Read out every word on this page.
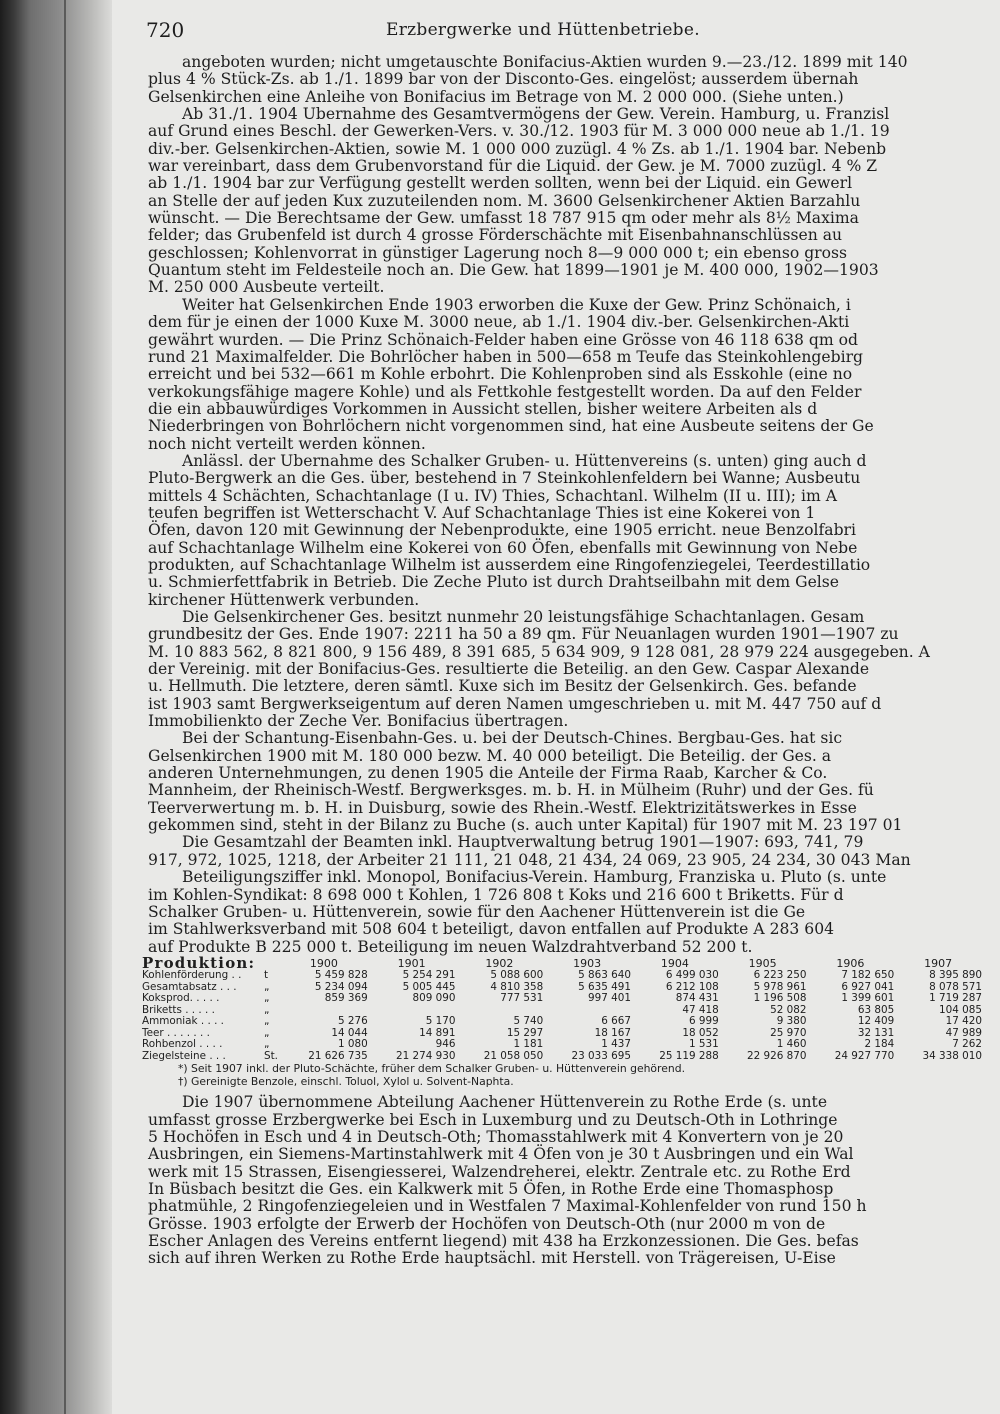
720	Erzbergwerke und Hüttenbetriebe.

angeboten wurden; nicht umgetauschte Bonifacius-Aktien wurden 9.—23./12. 1899 mit 140
plus 4 % Stück-Zs. ab 1./1. 1899 bar von der Disconto-Ges. eingelöst; ausserdem übernah
Gelsenkirchen eine Anleihe von Bonifacius im Betrage von M. 2 000 000. (Siehe unten.)

Ab 31./1. 1904 Übernahme des Gesamtvermögens der Gew. Verein. Hamburg, u. Franzisl
auf Grund eines Beschl. der Gewerken-Vers. v. 30./12. 1903 für M. 3 000 000 neue ab 1./1. 19
div.-ber. Gelsenkirchen-Aktien, sowie M. 1 000 000 zuzügl. 4 % Zs. ab 1./1. 1904 bar. Nebenb
war vereinbart, dass dem Grubenvorstand für die Liquid. der Gew. je M. 7000 zuzügl. 4 % Z
ab 1./1. 1904 bar zur Verfügung gestellt werden sollten, wenn bei der Liquid. ein Gewerl
an Stelle der auf jeden Kux zuzuteilenden nom. M. 3600 Gelsenkirchener Aktien Barzahlu
wünscht. — Die Berechtsame der Gew. umfasst 18 787 915 qm oder mehr als 8½ Maxima
felder; das Grubenfeld ist durch 4 grosse Förderschächte mit Eisenbahnanschlüssen au
geschlossen; Kohlenvorrat in günstiger Lagerung noch 8—9 000 000 t; ein ebenso gross
Quantum steht im Feldesteile noch an. Die Gew. hat 1899—1901 je M. 400 000, 1902—1903
M. 250 000 Ausbeute verteilt.

Weiter hat Gelsenkirchen Ende 1903 erworben die Kuxe der Gew. Prinz Schönaich, i
dem für je einen der 1000 Kuxe M. 3000 neue, ab 1./1. 1904 div.-ber. Gelsenkirchen-Akti
gewährt wurden. — Die Prinz Schönaich-Felder haben eine Grösse von 46 118 638 qm od
rund 21 Maximalfelder. Die Bohrlöcher haben in 500—658 m Teufe das Steinkohlengebirg
erreicht und bei 532—661 m Kohle erbohrt. Die Kohlenproben sind als Esskohle (eine no
verkokungsfähige magere Kohle) und als Fettkohle festgestellt worden. Da auf den Felder
die ein abbauwürdiges Vorkommen in Aussicht stellen, bisher weitere Arbeiten als d
Niederbringen von Bohrlöchern nicht vorgenommen sind, hat eine Ausbeute seitens der Ge
noch nicht verteilt werden können.

Anlässl. der Übernahme des Schalker Gruben- u. Hüttenvereins (s. unten) ging auch d
Pluto-Bergwerk an die Ges. über, bestehend in 7 Steinkohlenfeldern bei Wanne; Ausbeutu
mittels 4 Schächten, Schachtanlage (I u. IV) Thies, Schachtanl. Wilhelm (II u. III); im A
teufen begriffen ist Wetterschacht V. Auf Schachtanlage Thies ist eine Kokerei von 1
Öfen, davon 120 mit Gewinnung der Nebenprodukte, eine 1905 erricht. neue Benzolfabri
auf Schachtanlage Wilhelm eine Kokerei von 60 Öfen, ebenfalls mit Gewinnung von Nebe
produkten, auf Schachtanlage Wilhelm ist ausserdem eine Ringofenziegelei, Teerdestillatio
u. Schmierfettfabrik in Betrieb. Die Zeche Pluto ist durch Drahtseilbahn mit dem Gelse
kirchener Hüttenwerk verbunden.

Die Gelsenkirchener Ges. besitzt nunmehr 20 leistungsfähige Schachtanlagen. Gesam
grundbesitz der Ges. Ende 1907: 2211 ha 50 a 89 qm. Für Neuanlagen wurden 1901—1907 zu
M. 10 883 562, 8 821 800, 9 156 489, 8 391 685, 5 634 909, 9 128 081, 28 979 224 ausgegeben. A
der Vereinig. mit der Bonifacius-Ges. resultierte die Beteilig. an den Gew. Caspar Alexande
u. Hellmuth. Die letztere, deren sämtl. Kuxe sich im Besitz der Gelsenkirch. Ges. befande
ist 1903 samt Bergwerkseigentum auf deren Namen umgeschrieben u. mit M. 447 750 auf d
Immobilienkto der Zeche Ver. Bonifacius übertragen.

Bei der Schantung-Eisenbahn-Ges. u. bei der Deutsch-Chines. Bergbau-Ges. hat sic
Gelsenkirchen 1900 mit M. 180 000 bezw. M. 40 000 beteiligt. Die Beteilig. der Ges. a
anderen Unternehmungen, zu denen 1905 die Anteile der Firma Raab, Karcher & Co.
Mannheim, der Rheinisch-Westf. Bergwerksges. m. b. H. in Mülheim (Ruhr) und der Ges. fü
Teerverwertung m. b. H. in Duisburg, sowie des Rhein.-Westf. Elektrizitätswerkes in Esse
gekommen sind, steht in der Bilanz zu Buche (s. auch unter Kapital) für 1907 mit M. 23 197 01

Die Gesamtzahl der Beamten inkl. Hauptverwaltung betrug 1901—1907: 693, 741, 79
917, 972, 1025, 1218, der Arbeiter 21 111, 21 048, 21 434, 24 069, 23 905, 24 234, 30 043 Man

Beteiligungsziffer inkl. Monopol, Bonifacius-Verein. Hamburg, Franziska u. Pluto (s. unte
im Kohlen-Syndikat: 8 698 000 t Kohlen, 1 726 808 t Koks und 216 600 t Briketts. Für d
Schalker Gruben- u. Hüttenverein, sowie für den Aachener Hüttenverein ist die Ge
im Stahlwerksverband mit 508 604 t beteiligt, davon entfallen auf Produkte A 283 604
auf Produkte B 225 000 t. Beteiligung im neuen Walzdrahtverband 52 200 t.

Produktion:		1900	1901	1902	1903	1904	1905	1906	1907
Kohlenförderung . .	t	5 459 828	5 254 291	5 088 600	5 863 640	6 499 030	6 223 250	7 182 650	8 395 890
Gesamtabsatz . . .	„	5 234 094	5 005 445	4 810 358	5 635 491	6 212 108	5 978 961	6 927 041	8 078 571
Koksprod. . . . .	„	859 369	809 090	777 531	997 401	874 431	1 196 508	1 399 601	1 719 287
Briketts . . . . .	„					47 418	52 082	63 805	104 085
Ammoniak . . . .	„	5 276	5 170	5 740	6 667	6 999	9 380	12 409	17 420
Teer . . . . . . .	„	14 044	14 891	15 297	18 167	18 052	25 970	32 131	47 989
Rohbenzol . . . .	„	1 080	946	1 181	1 437	1 531	1 460	2 184	7 262
Ziegelsteine . . .	St.	21 626 735	21 274 930	21 058 050	23 033 695	25 119 288	22 926 870	24 927 770	34 338 010
*) Seit 1907 inkl. der Pluto-Schächte, früher dem Schalker Gruben- u. Hüttenverein gehörend.
†) Gereinigte Benzole, einschl. Toluol, Xylol u. Solvent-Naphta.

Die 1907 übernommene Abteilung Aachener Hüttenverein zu Rothe Erde (s. unte
umfasst grosse Erzbergwerke bei Esch in Luxemburg und zu Deutsch-Oth in Lothringe
5 Hochöfen in Esch und 4 in Deutsch-Oth; Thomasstahlwerk mit 4 Konvertern von je 20
Ausbringen, ein Siemens-Martinstahlwerk mit 4 Öfen von je 30 t Ausbringen und ein Wal
werk mit 15 Strassen, Eisengiesserei, Walzendreherei, elektr. Zentrale etc. zu Rothe Erd
In Büsbach besitzt die Ges. ein Kalkwerk mit 5 Öfen, in Rothe Erde eine Thomasphosp
phatmühle, 2 Ringofenziegeleien und in Westfalen 7 Maximal-Kohlenfelder von rund 150 h
Grösse. 1903 erfolgte der Erwerb der Hochöfen von Deutsch-Oth (nur 2000 m von de
Escher Anlagen des Vereins entfernt liegend) mit 438 ha Erzkonzessionen. Die Ges. befas
sich auf ihren Werken zu Rothe Erde hauptsächl. mit Herstell. von Trägereisen, U-Eise
